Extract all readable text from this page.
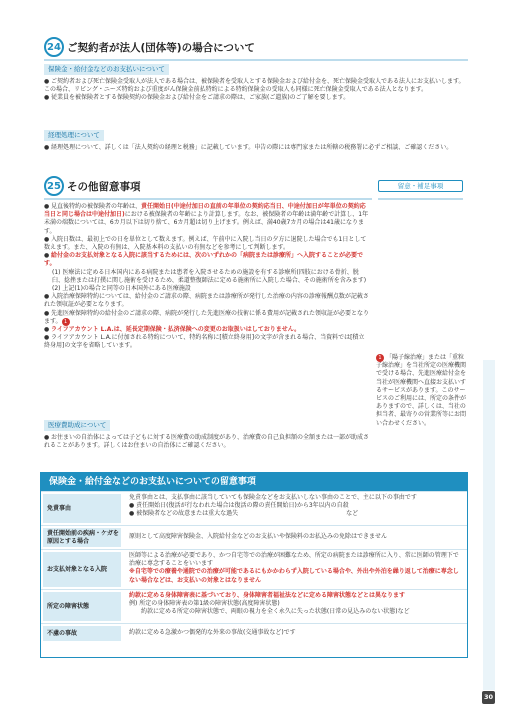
24 ご契約者が法人(団体等)の場合について
保険金・給付金などのお支払いについて

● ご契約者および死亡保険金受取人が法人である場合は、被保険者を受取人とする保険金および給付金を、死亡保険金受取人である法人にお支払いします。この場合、リビング・ニーズ特約および重度がん保険金前払特約による特約保険金の受取人も同様に死亡保険金受取人である法人となります。

● 従業員を被保険者とする保険契約の保険金および給付金をご請求の際は、ご家族(ご遺族)のご了解を要します。

経理処理について

● 経理処理について、詳しくは「法人契約の経理と税務」に記載しています。申告の際には専門家または所轄の税務署に必ずご相談、ご確認ください。

25 その他留意事項	留意・補足事項

● 見直後特約の被保険者の年齢は、責任開始日(中途付加日の直前の年単位の契約応当日、中途付加日が年単位の契約応当日と同じ場合は中途付加日)における被保険者の年齢により計算します。なお、被保険者の年齢は満年齢で計算し、1年未満の端数については、6カ月以下は切り捨て、6カ月超は切り上げます。例えば、満40歳7カ月の場合は41歳になります。

● 入院日数は、最初上での日を単位として数えます。例えば、午前中に入院し当日の夕方に退院した場合でも1日として数えます。また、入院の有無は、入院基本料の支払いの有無などを参考にして判断します。

● 給付金のお支払対象となる入院に該当するためには、次のいずれかの「病院または診療所」へ入院することが必要です。

(1) 医療法に定める日本国内にある病院または患者を入院させるための施設を有する診療所(四肢における骨折、脱臼、捻挫または打撲に関し施術を受けるため、柔道整復師法に定める施術所に入院した場合、その施術所を含みます)

(2) 上記(1)の場合と同等の日本国外にある医療施設

● 入院治療保障特約については、給付金のご請求の際、病院または診療所が発行した治療の内容の診療報酬点数が記載された領収証が必要となります。

● 先進医療保障特約の給付金のご請求の際、病院が発行した先進医療の技術に係る費用が記載された領収証が必要となります。 1

● ライフアカウント L.A.は、延長定期保険・払済保険への変更のお取扱いはしておりません。

● ライフアカウント L.A.に付加される特約について、特約名称に[積立終身用]の文字が含まれる場合、当資料では[積立終身用]の文字を省略しています。

医療費助成について

● お住まいの自治体によっては子どもに対する医療費の助成制度があり、治療費の自己負担額の全額または一部が助成されることがあります。詳しくはお住まいの自治体にご確認ください。

1 「陽子線治療」または「重粒子線治療」を当社所定の医療機関で受ける場合、先進医療給付金を当社が医療機関へ直接お支払いするサービスがあります。このサービスのご利用には、所定の条件がありますので、詳しくは、当社の担当者、最寄りの営業所等にお問い合わせください。
保険金・給付金などのお支払いについての留意事項
免責事由
免責事由とは、支払事由に該当していても保険金などをお支払いしない事由のことで、主に以下の事由です
● 責任開始日(復活が行なわれた場合は復活の際の責任開始日)から3年以内の自殺
● 被保険者などの故意または重大な過失　　　　　　　　　　　　　　　　　　など
責任開始前の疾病・ケガを原因とする場合
原則として高度障害保険金、入院給付金などのお支払いや保険料のお払込みの免除はできません
お支払対象となる入院
医師等による治療が必要であり、かつ自宅等での治療が困難なため、所定の病院または診療所に入り、常に医師の管理下で治療に専念することをいいます
※自宅等での療養や通院での治療が可能であるにもかかわらず入院している場合や、外出や外泊を繰り返して治療に専念しない場合などは、お支払いの対象とはなりません
所定の障害状態
約款に定める身体障害表に基づいており、身体障害者福祉法などに定める障害状態などとは異なります
例) 所定の身体障害表の第1級の障害状態(高度障害状態)
　　約款に定める所定の障害状態で、両眼の視力を全く永久に失った状態(日常の見込みのない状態)など
不慮の事故	約款に定める急激かつ偶発的な外来の事故(交通事故など)です
30
